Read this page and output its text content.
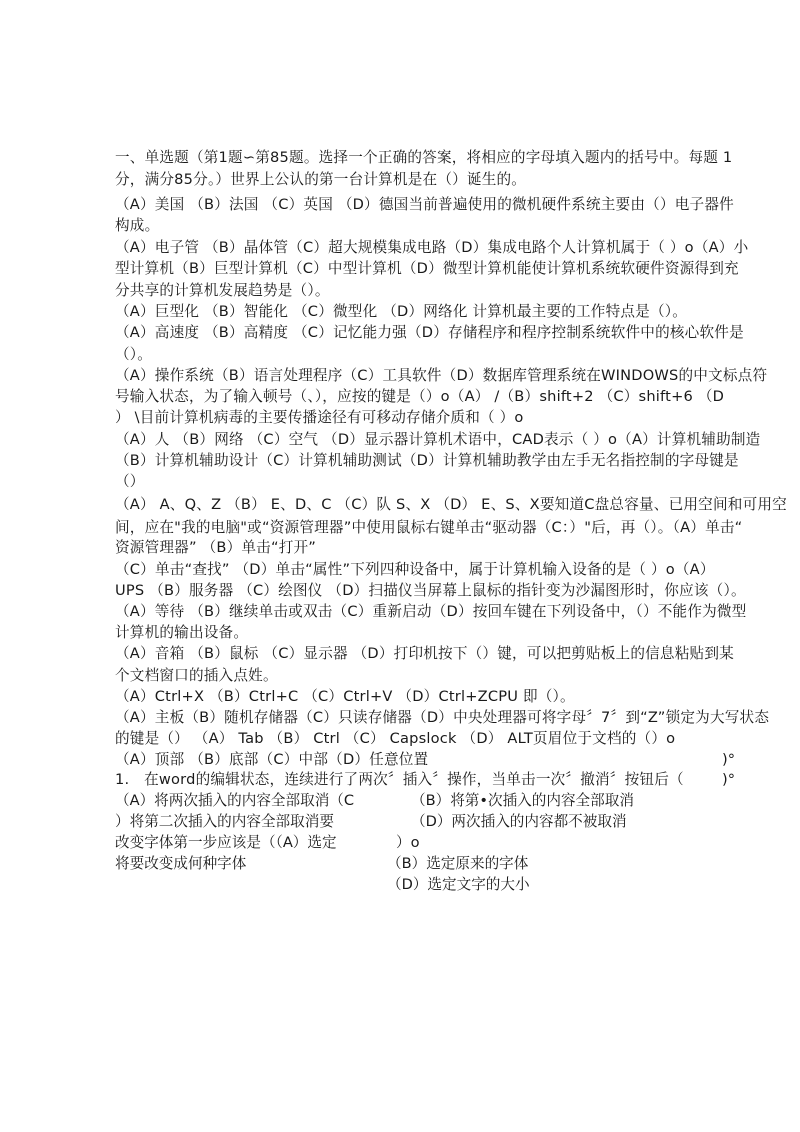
一、单选题（第1题∽第85题。选择一个正确的答案，将相应的字母填入题内的括号中。每题 1
分，满分85分。）世界上公认的第一台计算机是在（）诞生的。
（A）美国 （B）法国 （C）英国 （D）德国当前普遍使用的微机硬件系统主要由（）电子器件
构成。
（A）电子管 （B）晶体管（C）超大规模集成电路（D）集成电路个人计算机属于（ ）o（A）小
型计算机（B）巨型计算机（C）中型计算机（D）微型计算机能使计算机系统软硬件资源得到充
分共享的计算机发展趋势是（）。
（A）巨型化 （B）智能化 （C）微型化 （D）网络化 计算机最主要的工作特点是（）。
（A）高速度 （B）高精度 （C）记忆能力强（D）存储程序和程序控制系统软件中的核心软件是
（）。
（A）操作系统（B）语言处理程序（C）工具软件（D）数据库管理系统在WINDOWS的中文标点符
号输入状态，为了输入顿号（、），应按的键是（）o（A） /（B）shift+2 （C）shift+6 （D
） \目前计算机病毒的主要传播途径有可移动存储介质和（ ）o
（A）人 （B）网络 （C）空气 （D）显示器计算机术语中，CAD表示（ ）o（A）计算机辅助制造
（B）计算机辅助设计（C）计算机辅助测试（D）计算机辅助教学由左手无名指控制的字母键是
（）
（A） A、Q、Z （B） E、D、C （C）队 S、X （D） E、S、X要知道C盘总容量、已用空间和可用空
间，应在"我的电脑"或“资源管理器”中使用鼠标右键单击“驱动器（C：）"后，再（）。（A）单击“
资源管理器” （B）单击“打开”
（C）单击“查找” （D）单击“属性”下列四种设备中，属于计算机输入设备的是（ ）o（A）
UPS （B）服务器 （C）绘图仪 （D）扫描仪当屏幕上鼠标的指针变为沙漏图形时，你应该（）。
（A）等待 （B）继续单击或双击（C）重新启动（D）按回车键在下列设备中，（）不能作为微型
计算机的输出设备。
（A）音箱 （B）鼠标 （C）显示器 （D）打印机按下（）键，可以把剪贴板上的信息粘贴到某
个文档窗口的插入点姓。
（A）Ctrl+X （B）Ctrl+C （C）Ctrl+V （D）Ctrl+ZCPU 即（）。
（A）主板（B）随机存储器（C）只读存储器（D）中央处理器可将字母〞7〞到“Z”锁定为大写状态
的键是（） （A） Tab （B） Ctrl （C） Capslock （D） ALT页眉位于文档的（）o
（A）顶部 （B）底部（C）中部（D）任意位置	)°
1.　在word的编辑状态，连续进行了两次〞插入〞操作，当单击一次〞撤消〞按钮后（	)°
（A）将两次插入的内容全部取消（C
）将第二次插入的内容全部取消要
改变字体第一步应该是（（A）选定
将要改变成何种字体
（B）将第•次插入的内容全部取消
（D）两次插入的内容都不被取消
）o
（B）选定原来的字体
（D）选定文字的大小
